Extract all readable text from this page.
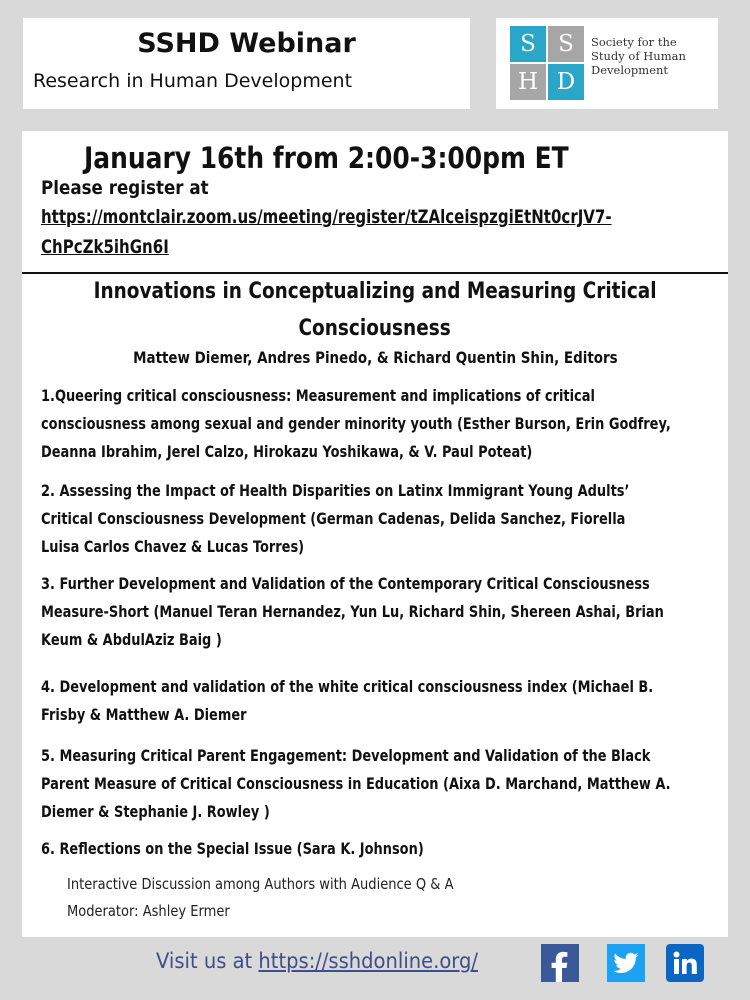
SSHD Webinar
Research in Human Development
S S
H D
Society for the
Study of Human
Development
January 16th from 2:00-3:00pm ET
Please register at
https://montclair.zoom.us/meeting/register/tZAlceispzgiEtNt0crJV7-
ChPcZk5ihGn6I
Innovations in Conceptualizing and Measuring Critical
Consciousness
Mattew Diemer, Andres Pinedo, & Richard Quentin Shin, Editors
1.Queering critical consciousness: Measurement and implications of critical
consciousness among sexual and gender minority youth (Esther Burson, Erin Godfrey,
Deanna Ibrahim, Jerel Calzo, Hirokazu Yoshikawa, & V. Paul Poteat)
2. Assessing the Impact of Health Disparities on Latinx Immigrant Young Adults’
Critical Consciousness Development (German Cadenas, Delida Sanchez, Fiorella
Luisa Carlos Chavez & Lucas Torres)
3. Further Development and Validation of the Contemporary Critical Consciousness
Measure-Short (Manuel Teran Hernandez, Yun Lu, Richard Shin, Shereen Ashai, Brian
Keum & AbdulAziz Baig )
4. Development and validation of the white critical consciousness index (Michael B.
Frisby & Matthew A. Diemer
5. Measuring Critical Parent Engagement: Development and Validation of the Black
Parent Measure of Critical Consciousness in Education (Aixa D. Marchand, Matthew A.
Diemer & Stephanie J. Rowley )
6. Reflections on the Special Issue (Sara K. Johnson)
Interactive Discussion among Authors with Audience Q & A
Moderator: Ashley Ermer
Visit us at https://sshdonline.org/
